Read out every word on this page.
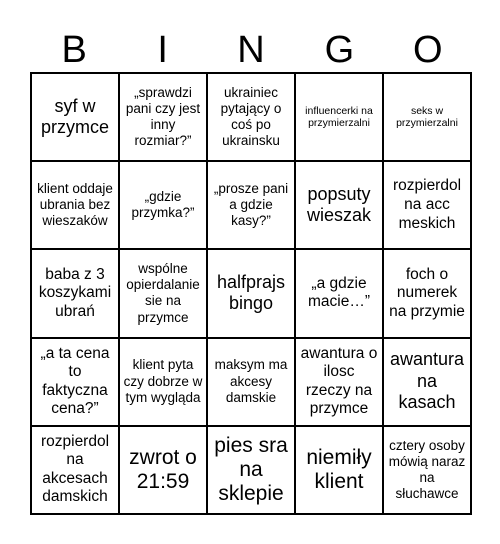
B	I	N	G	O
syf w przymce
„sprawdzi pani czy jest inny rozmiar?”
ukrainiec pytający o coś po ukrainsku
influencerki na przymierzalni
seks w przymierzalni
klient oddaje ubrania bez wieszaków
„gdzie przymka?”
„prosze pani a gdzie kasy?”
popsuty wieszak
rozpierdol na acc meskich
baba z 3 koszykami ubrań
wspólne opierdalanie sie na przymce
halfprajs bingo
„a gdzie macie…”
foch o numerek na przymie
„a ta cena to faktyczna cena?”
klient pyta czy dobrze w tym wygląda
maksym ma akcesy damskie
awantura o ilosc rzeczy na przymce
awantura na kasach
rozpierdol na akcesach damskich
zwrot o 21:59
pies sra na sklepie
niemiły klient
cztery osoby mówią naraz na słuchawce
